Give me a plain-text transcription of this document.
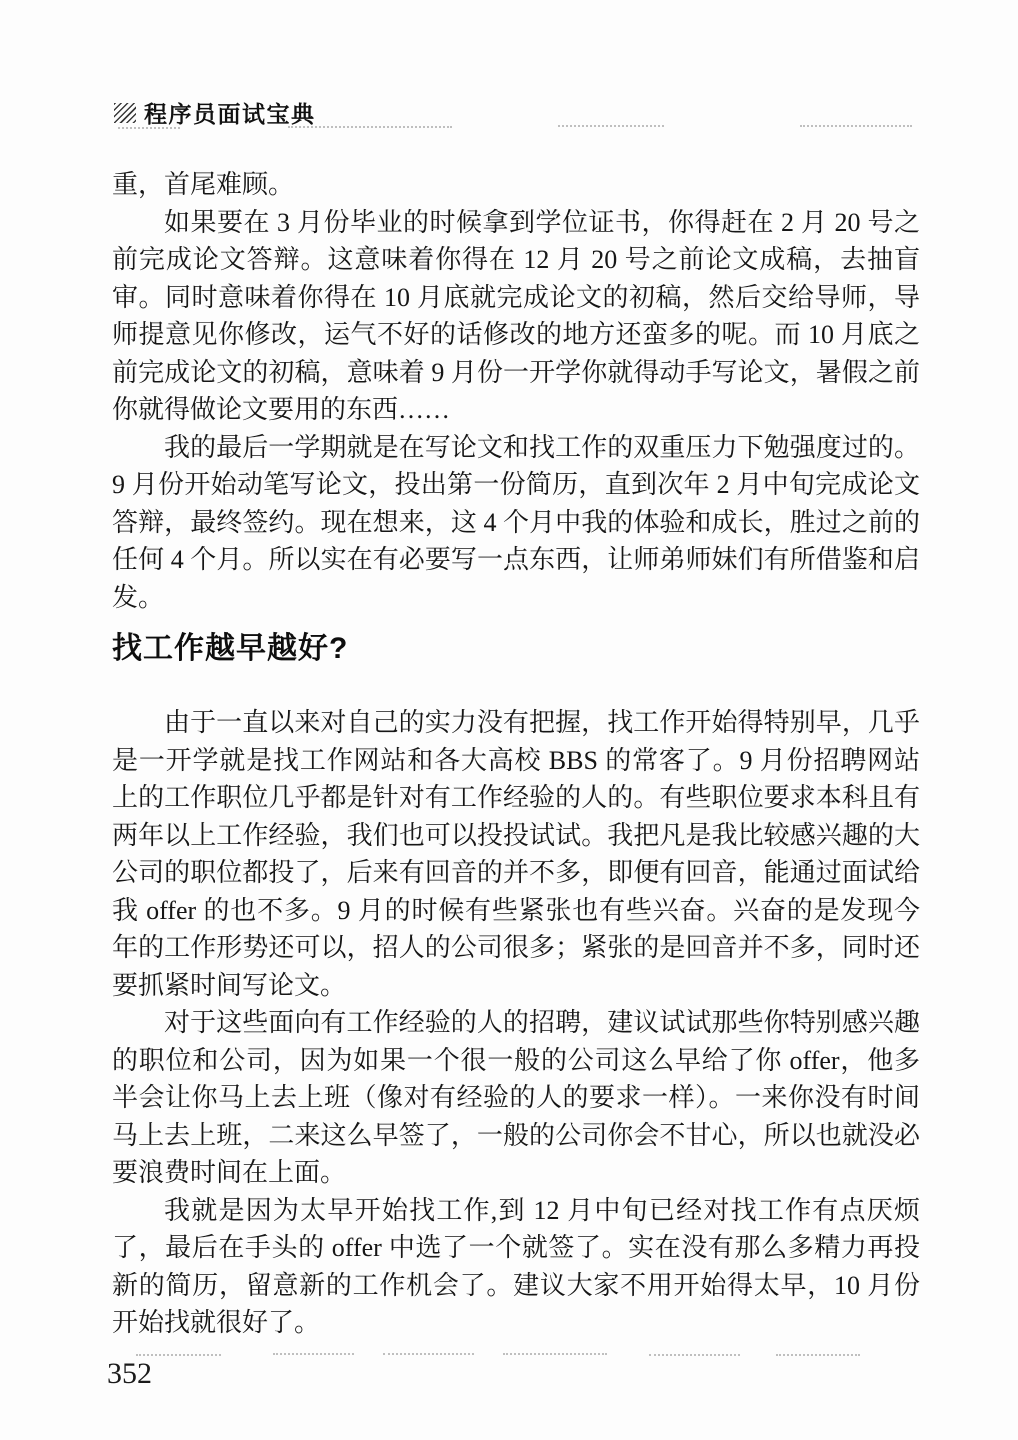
程序员面试宝典

重，首尾难顾。

如果要在 3 月份毕业的时候拿到学位证书，你得赶在 2 月 20 号之前完成论文答辩。这意味着你得在 12 月 20 号之前论文成稿，去抽盲审。同时意味着你得在 10 月底就完成论文的初稿，然后交给导师，导师提意见你修改，运气不好的话修改的地方还蛮多的呢。而 10 月底之前完成论文的初稿，意味着 9 月份一开学你就得动手写论文，暑假之前你就得做论文要用的东西……

我的最后一学期就是在写论文和找工作的双重压力下勉强度过的。9 月份开始动笔写论文，投出第一份简历，直到次年 2 月中旬完成论文答辩，最终签约。现在想来，这 4 个月中我的体验和成长，胜过之前的任何 4 个月。所以实在有必要写一点东西，让师弟师妹们有所借鉴和启发。

找工作越早越好?

由于一直以来对自己的实力没有把握，找工作开始得特别早，几乎是一开学就是找工作网站和各大高校 BBS 的常客了。9 月份招聘网站上的工作职位几乎都是针对有工作经验的人的。有些职位要求本科且有两年以上工作经验，我们也可以投投试试。我把凡是我比较感兴趣的大公司的职位都投了，后来有回音的并不多，即便有回音，能通过面试给我 offer 的也不多。9 月的时候有些紧张也有些兴奋。兴奋的是发现今年的工作形势还可以，招人的公司很多；紧张的是回音并不多，同时还要抓紧时间写论文。

对于这些面向有工作经验的人的招聘，建议试试那些你特别感兴趣的职位和公司，因为如果一个很一般的公司这么早给了你 offer，他多半会让你马上去上班（像对有经验的人的要求一样）。一来你没有时间马上去上班，二来这么早签了，一般的公司你会不甘心，所以也就没必要浪费时间在上面。

我就是因为太早开始找工作,到 12 月中旬已经对找工作有点厌烦了，最后在手头的 offer 中选了一个就签了。实在没有那么多精力再投新的简历，留意新的工作机会了。建议大家不用开始得太早，10 月份开始找就很好了。

352
